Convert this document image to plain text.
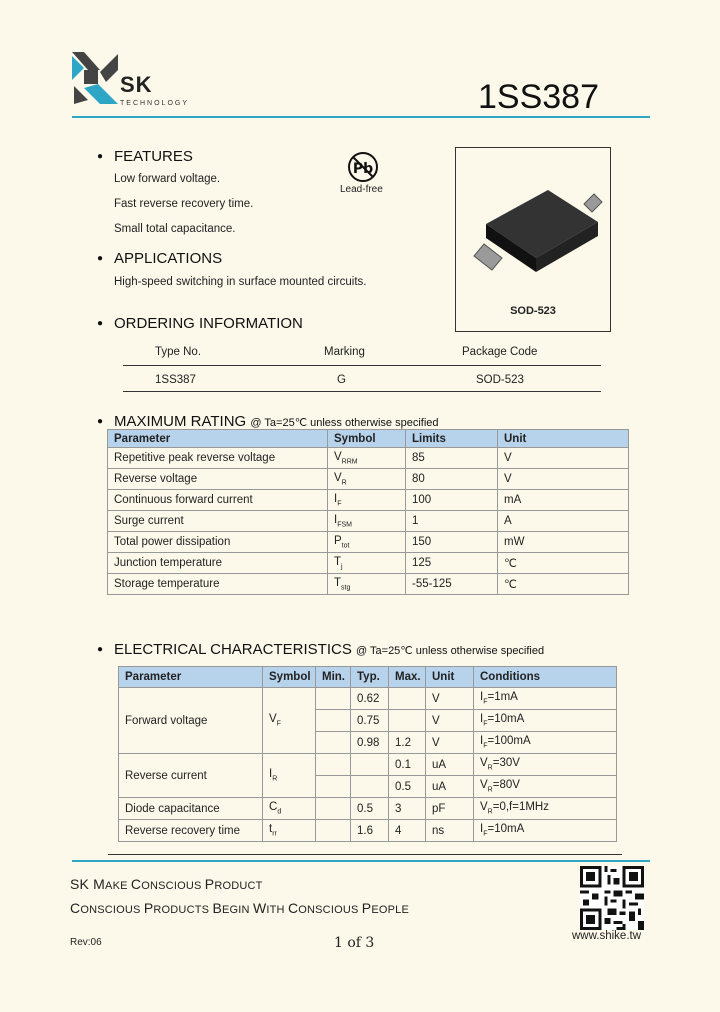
SK
TECHNOLOGY	1SS387
● FEATURES
Low forward voltage.
Fast reverse recovery time.
Small total capacitance.
Pb
Lead-free
SOD-523
● APPLICATIONS
High-speed switching in surface mounted circuits.
● ORDERING INFORMATION
Type No.	Marking	Package Code
1SS387	G	SOD-523
● MAXIMUM RATING @ Ta=25℃ unless otherwise specified
Parameter	Symbol	Limits	Unit
Repetitive peak reverse voltage	$V_{RRM}$	85	V
Reverse voltage	$V_R$	80	V
Continuous forward current	$I_F$	100	mA
Surge current	$I_{FSM}$	1	A
Total power dissipation	$P_{tot}$	150	mW
Junction temperature	$T_j$	125	℃
Storage temperature	$T_{stg}$	-55-125	℃
● ELECTRICAL CHARACTERISTICS @ Ta=25℃ unless otherwise specified
Parameter	Symbol	Min.	Typ.	Max.	Unit	Conditions
Forward voltage	$V_F$		0.62		V	$I_F=1mA$
			0.75		V	$I_F=10mA$
			0.98	1.2	V	$I_F=100mA$
Reverse current	$I_R$			0.1	uA	$V_R=30V$
				0.5	uA	$V_R=80V$
Diode capacitance	$C_d$		0.5	3	pF	$V_R=0,f=1MHz$
Reverse recovery time	$t_{rr}$		1.6	4	ns	$I_F=10mA$
SK MAKE CONSCIOUS PRODUCT
CONSCIOUS PRODUCTS BEGIN WITH CONSCIOUS PEOPLE
www.shike.tw
Rev:06	1 of 3
